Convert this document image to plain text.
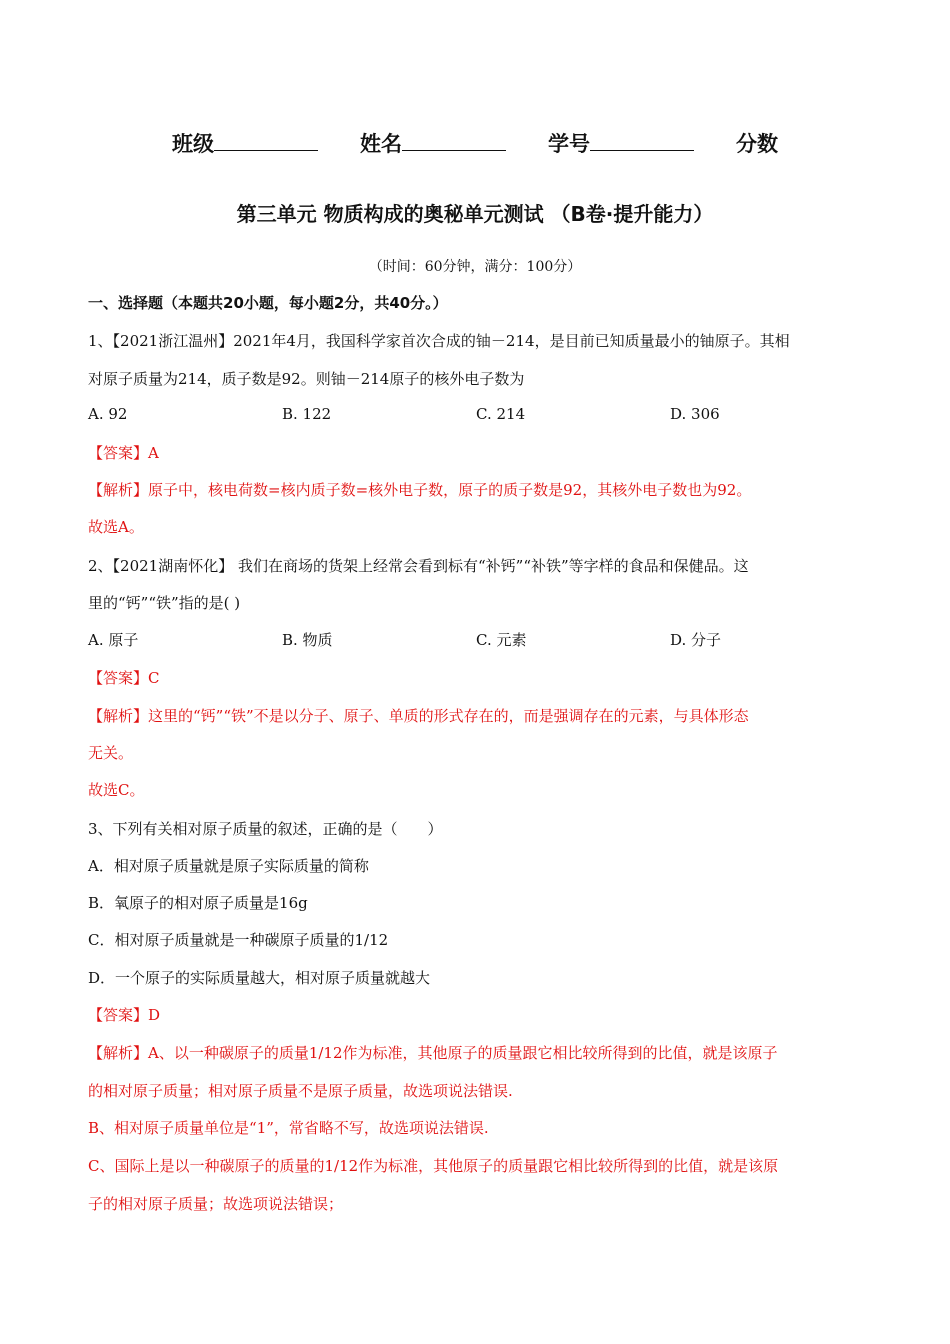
班级	姓名	学号	分数
第三单元 物质构成的奥秘单元测试 （B卷·提升能力）
（时间：60分钟，满分：100分）
一、选择题（本题共20小题，每小题2分，共40分。）
1、【2021浙江温州】2021年4月，我国科学家首次合成的铀－214，是目前已知质量最小的铀原子。其相
对原子质量为214，质子数是92。则铀－214原子的核外电子数为
A. 92	B. 122	C. 214	D. 306
【答案】A
【解析】原子中，核电荷数=核内质子数=核外电子数，原子的质子数是92，其核外电子数也为92。
故选A。
2、【2021湖南怀化】 我们在商场的货架上经常会看到标有“补钙”“补铁”等字样的食品和保健品。这
里的“钙”“铁”指的是( )
A. 原子	B. 物质	C. 元素	D. 分子
【答案】C
【解析】这里的“钙”“铁”不是以分子、原子、单质的形式存在的，而是强调存在的元素，与具体形态
无关。
故选C。
3、下列有关相对原子质量的叙述，正确的是（　　）
A．相对原子质量就是原子实际质量的简称
B．氧原子的相对原子质量是16g
C．相对原子质量就是一种碳原子质量的1/12
D．一个原子的实际质量越大，相对原子质量就越大
【答案】D
【解析】A、以一种碳原子的质量1/12作为标准，其他原子的质量跟它相比较所得到的比值，就是该原子
的相对原子质量；相对原子质量不是原子质量，故选项说法错误.
B、相对原子质量单位是“1”，常省略不写，故选项说法错误.
C、国际上是以一种碳原子的质量的1/12作为标准，其他原子的质量跟它相比较所得到的比值，就是该原
子的相对原子质量；故选项说法错误；
